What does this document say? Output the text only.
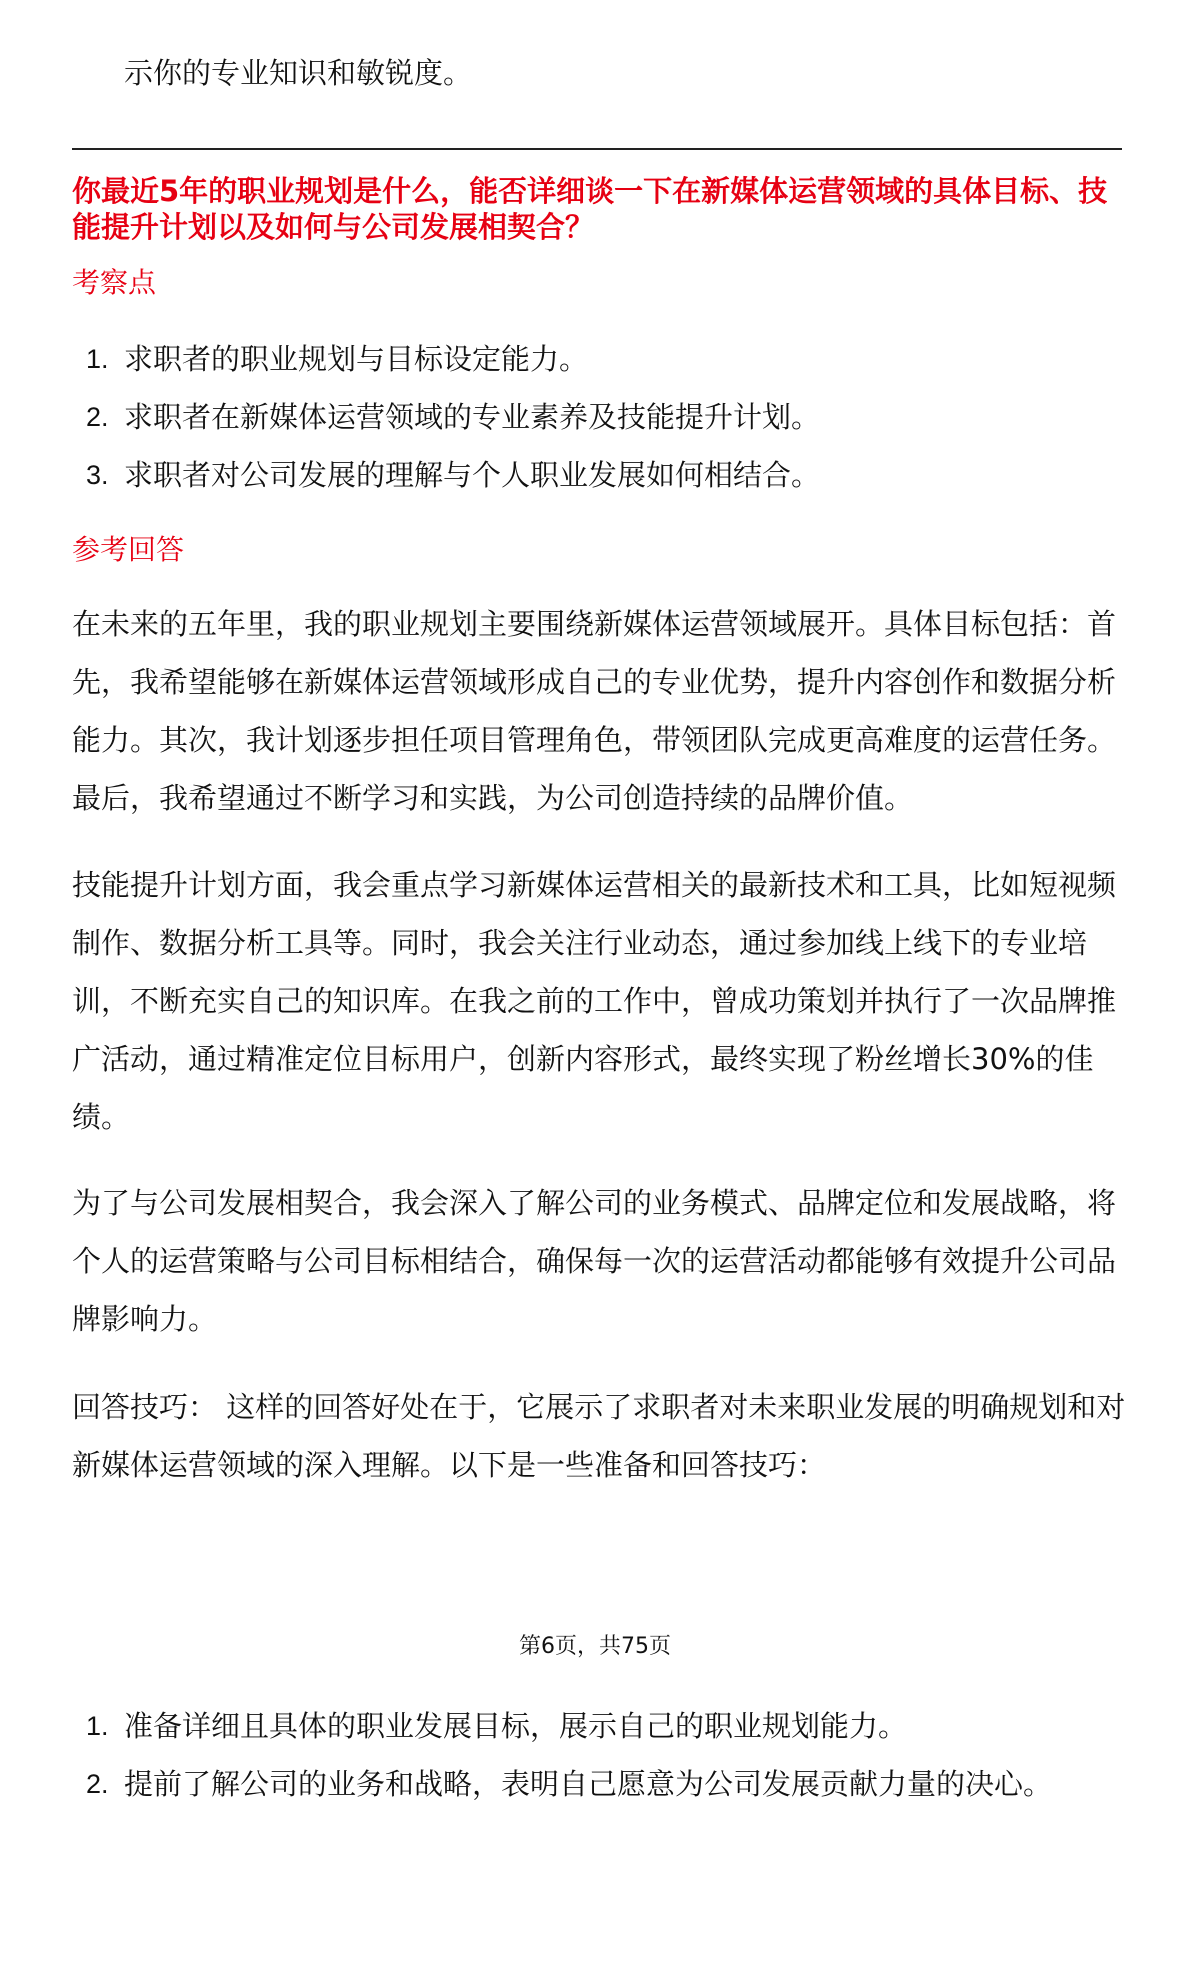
示你的专业知识和敏锐度。
你最近5年的职业规划是什么，能否详细谈一下在新媒体运营领域的具体目标、技
能提升计划以及如何与公司发展相契合？
考察点

1.

求职者的职业规划与目标设定能力。

2.

求职者在新媒体运营领域的专业素养及技能提升计划。

3.

求职者对公司发展的理解与个人职业发展如何相结合。

参考回答
在未来的五年里，我的职业规划主要围绕新媒体运营领域展开。具体目标包括：首
先，我希望能够在新媒体运营领域形成自己的专业优势，提升内容创作和数据分析
能力。其次，我计划逐步担任项目管理角色，带领团队完成更高难度的运营任务。
最后，我希望通过不断学习和实践，为公司创造持续的品牌价值。
技能提升计划方面，我会重点学习新媒体运营相关的最新技术和工具，比如短视频
制作、数据分析工具等。同时，我会关注行业动态，通过参加线上线下的专业培
训，不断充实自己的知识库。在我之前的工作中，曾成功策划并执行了一次品牌推
广活动，通过精准定位目标用户，创新内容形式，最终实现了粉丝增长30%的佳
绩。
为了与公司发展相契合，我会深入了解公司的业务模式、品牌定位和发展战略，将
个人的运营策略与公司目标相结合，确保每一次的运营活动都能够有效提升公司品
牌影响力。
回答技巧： 这样的回答好处在于，它展示了求职者对未来职业发展的明确规划和对
新媒体运营领域的深入理解。以下是一些准备和回答技巧：

1.

准备详细且具体的职业发展目标，展示自己的职业规划能力。

2.

提前了解公司的业务和战略，表明自己愿意为公司发展贡献力量的决心。

第6页，共75页
